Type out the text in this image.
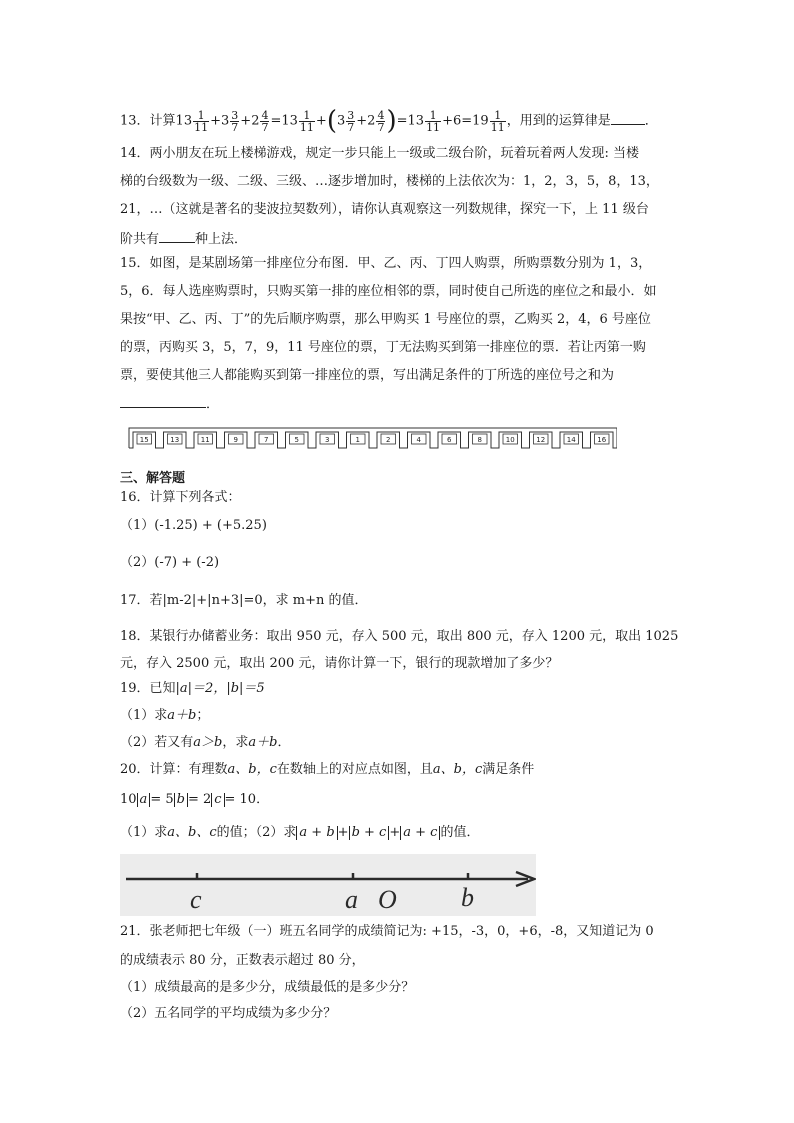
13．计算$13 \frac{1}{11} +3 \frac{3}{7} +2 \frac{4}{7} =13 \frac{1}{11} +(3 \frac{3}{7} +2 \frac{4}{7} )=13 \frac{1}{11} +6=19 \frac{1}{11}$ ，用到的运算律是	．
14．两小朋友在玩上楼梯游戏，规定一步只能上一级或二级台阶，玩着玩着两人发现: 当楼
梯的台级数为一级、二级、三级、…逐步增加时，楼梯的上法依次为：1，2，3，5，8，13，
21，…（这就是著名的斐波拉契数列），请你认真观察这一列数规律，探究一下，上 11 级台
阶共有	种上法．
15．如图，是某剧场第一排座位分布图．甲、乙、丙、丁四人购票，所购票数分别为 1，3，
5，6．每人选座购票时，只购买第一排的座位相邻的票，同时使自己所选的座位之和最小．如
果按“甲、乙、丙、丁”的先后顺序购票，那么甲购买 1 号座位的票，乙购买 2，4，6 号座位
的票，丙购买 3，5，7，9，11 号座位的票，丁无法购买到第一排座位的票．若让丙第一购
票，要使其他三人都能购买到第一排座位的票，写出满足条件的丁所选的座位号之和为
．
15	13	11	9	7	5	3	1	2	4	6	8	10	12	14	16
三、解答题
16．计算下列各式：
（1）(-1.25) + (+5.25)
（2）(-7) + (-2)
17．若|m-2|+|n+3|=0，求 m+n 的值．
18．某银行办储蓄业务：取出 950 元，存入 500 元，取出 800 元，存入 1200 元，取出 1025
元，存入 2500 元，取出 200 元，请你计算一下，银行的现款增加了多少？
19．已知|a|＝2，|b|＝5
（1）求a＋b；
（2）若又有a＞b，求a＋b．
20．计算：有理数a、b，c在数轴上的对应点如图，且a、b，c满足条件
10 a = 5 b = 2 c = 10．
（1）求a、b、c的值；（2）求 a + b + b + c + a + c 的值．
c	a O b
21．张老师把七年级（一）班五名同学的成绩简记为: +15，-3，0，+6，-8，又知道记为 0
的成绩表示 80 分，正数表示超过 80 分，
（1）成绩最高的是多少分，成绩最低的是多少分？
（2）五名同学的平均成绩为多少分？
